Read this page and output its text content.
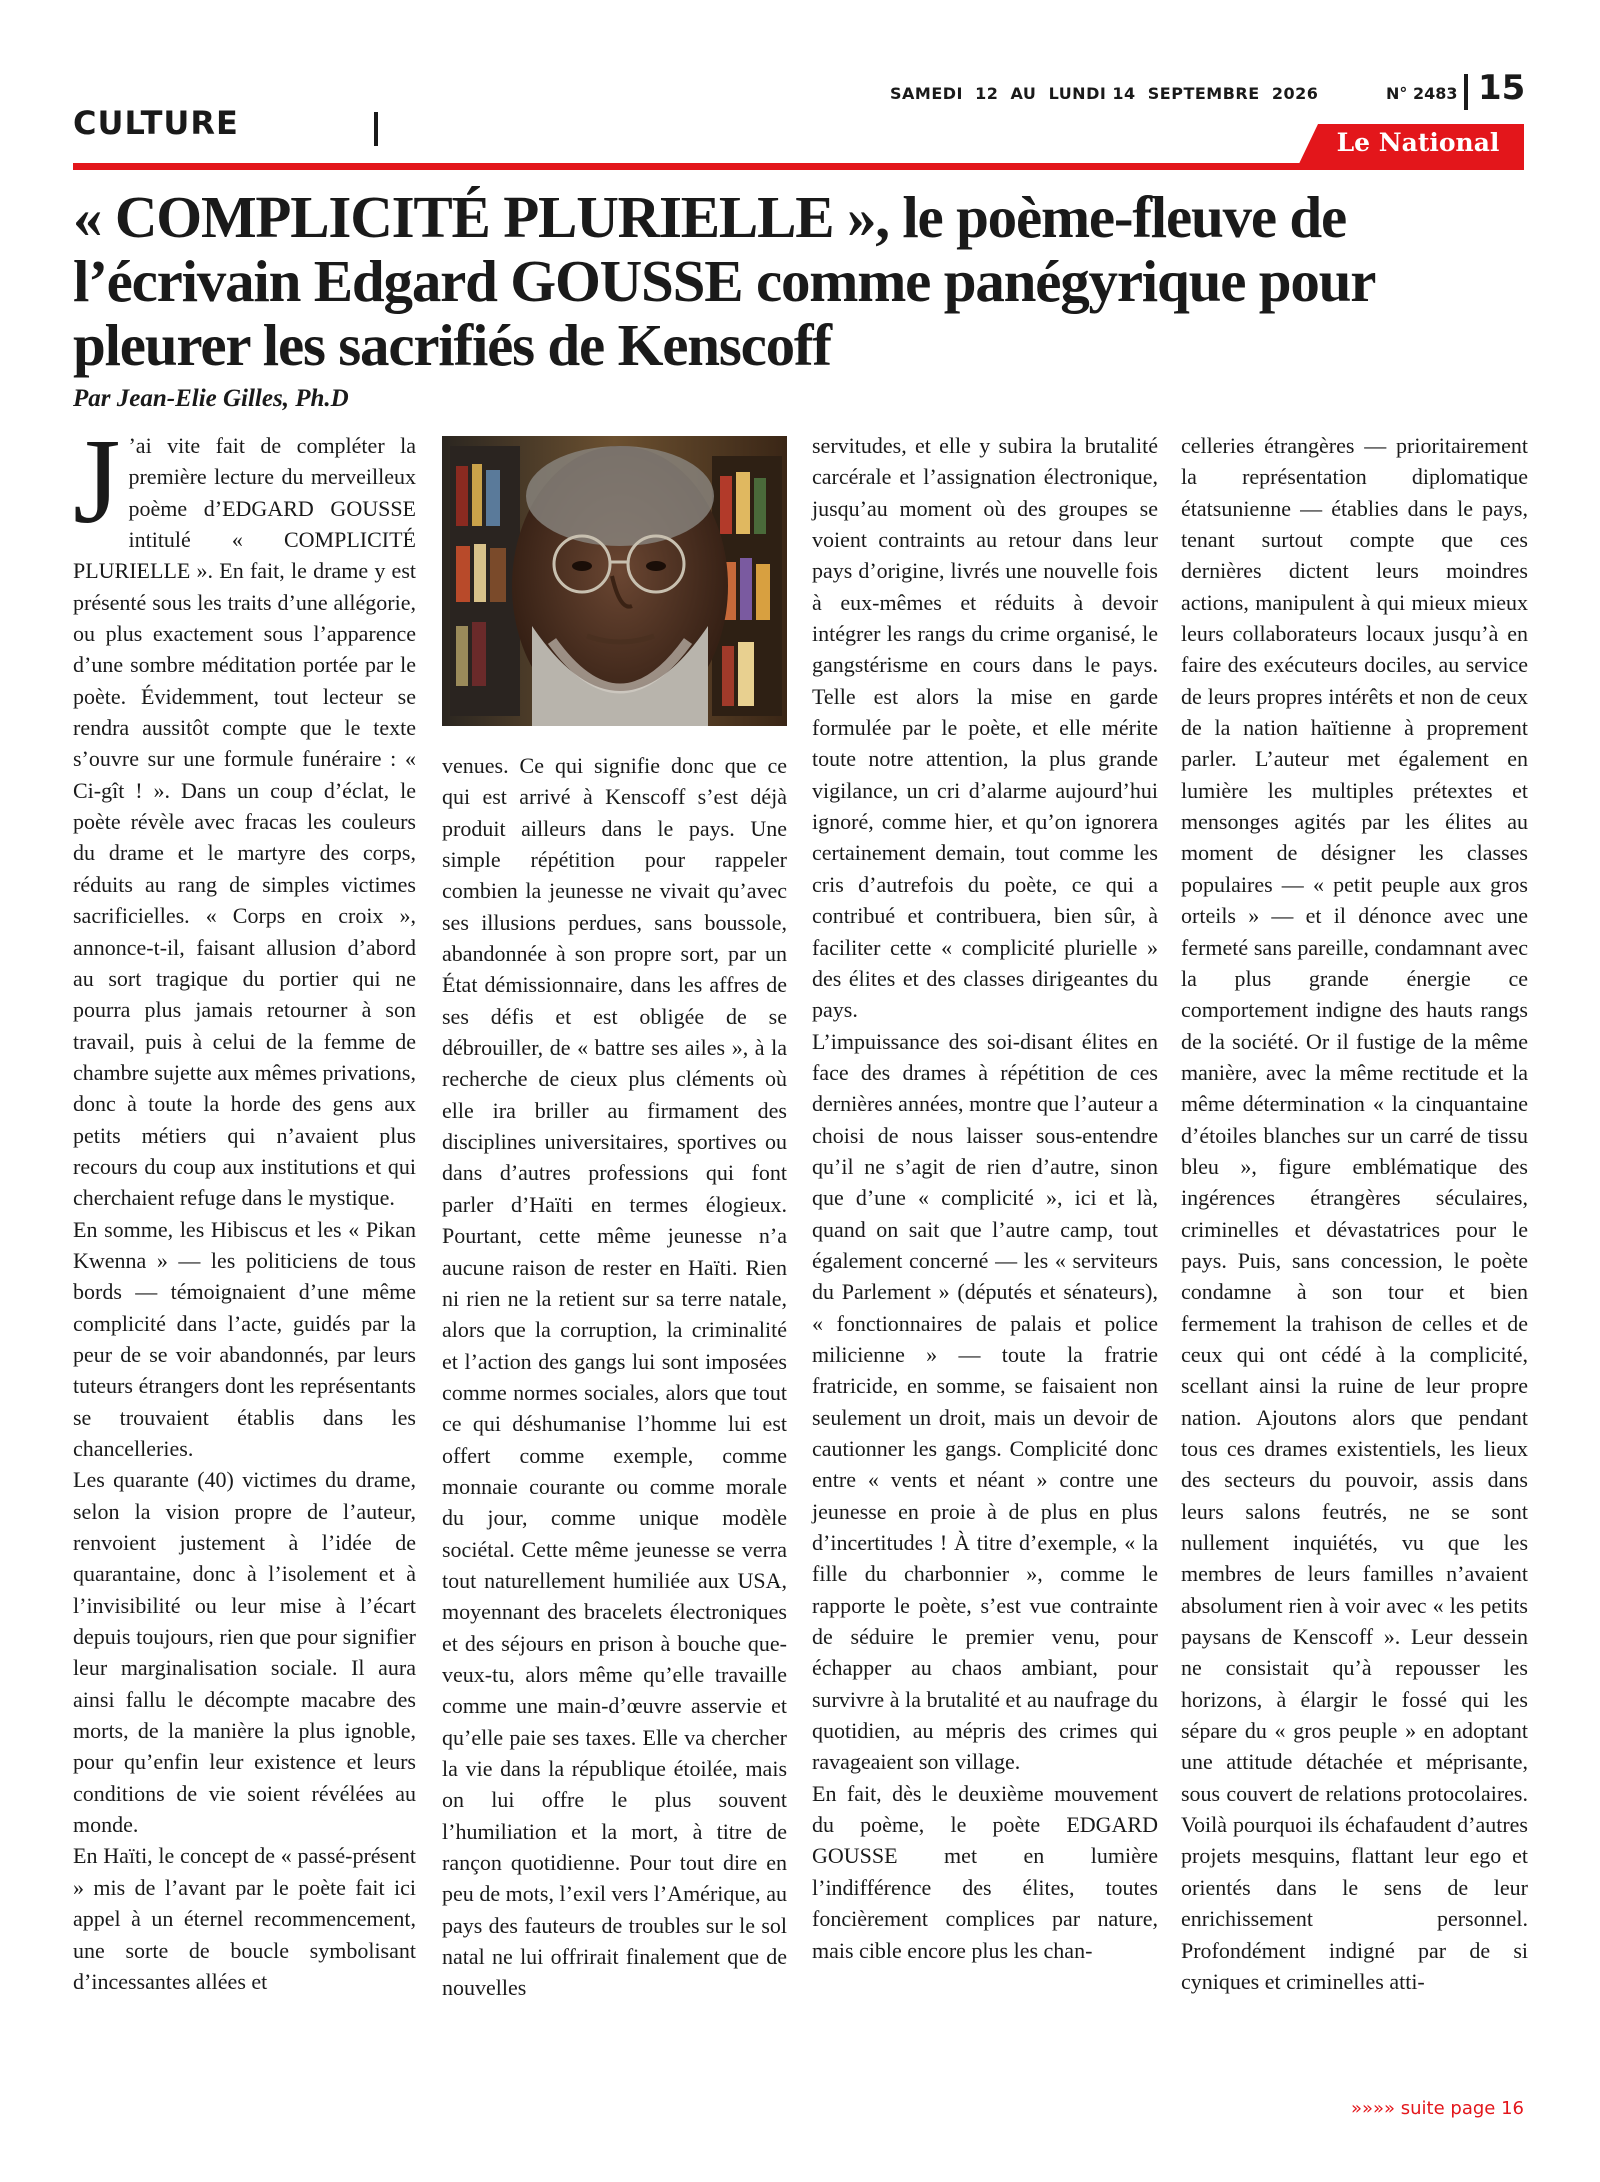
CULTURE
SAMEDI  12  AU  LUNDI 14  SEPTEMBRE  2026	N° 2483 15
Le National
« COMPLICITÉ PLURIELLE », le poème-fleuve de l’écrivain Edgard GOUSSE comme panégyrique pour pleurer les sacrifiés de Kenscoff

Par Jean-Elie Gilles, Ph.D

J ’ai vite fait de compléter la première lecture du merveilleux poème d’EDGARD GOUSSE intitulé « COMPLICITÉ PLURIELLE ». En fait, le drame y est présenté sous les traits d’une allégorie, ou plus exactement sous l’apparence d’une sombre méditation portée par le poète. Évidemment, tout lecteur se rendra aussitôt compte que le texte s’ouvre sur une formule funéraire : « Ci-gît ! ». Dans un coup d’éclat, le poète révèle avec fracas les couleurs du drame et le martyre des corps, réduits au rang de simples victimes sacrificielles. « Corps en croix », annonce-t-il, faisant allusion d’abord au sort tragique du portier qui ne pourra plus jamais retourner à son travail, puis à celui de la femme de chambre sujette aux mêmes privations, donc à toute la horde des gens aux petits métiers qui n’avaient plus recours du coup aux institutions et qui cherchaient refuge dans le mystique.

En somme, les Hibiscus et les « Pikan Kwenna » — les politiciens de tous bords — témoignaient d’une même complicité dans l’acte, guidés par la peur de se voir abandonnés, par leurs tuteurs étrangers dont les représentants se trouvaient établis dans les chancelleries.

Les quarante (40) victimes du drame, selon la vision propre de l’auteur, renvoient justement à l’idée de quarantaine, donc à l’isolement et à l’invisibilité ou leur mise à l’écart depuis toujours, rien que pour signifier leur marginalisation sociale. Il aura ainsi fallu le décompte macabre des morts, de la manière la plus ignoble, pour qu’enfin leur existence et leurs conditions de vie soient révélées au monde.

En Haïti, le concept de « passé-présent » mis de l’avant par le poète fait ici appel à un éternel recommencement, une sorte de boucle symbolisant d’incessantes allées et

venues. Ce qui signifie donc que ce qui est arrivé à Kenscoff s’est déjà produit ailleurs dans le pays. Une simple répétition pour rappeler combien la jeunesse ne vivait qu’avec ses illusions perdues, sans boussole, abandonnée à son propre sort, par un État démissionnaire, dans les affres de ses défis et est obligée de se débrouiller, de « battre ses ailes », à la recherche de cieux plus cléments où elle ira briller au firmament des disciplines universitaires, sportives ou dans d’autres professions qui font parler d’Haïti en termes élogieux. Pourtant, cette même jeunesse n’a aucune raison de rester en Haïti. Rien ni rien ne la retient sur sa terre natale, alors que la corruption, la criminalité et l’action des gangs lui sont imposées comme normes sociales, alors que tout ce qui déshumanise l’homme lui est offert comme exemple, comme monnaie courante ou comme morale du jour, comme unique modèle sociétal. Cette même jeunesse se verra tout naturellement humiliée aux USA, moyennant des bracelets électroniques et des séjours en prison à bouche que-veux-tu, alors même qu’elle travaille comme une main-d’œuvre asservie et qu’elle paie ses taxes. Elle va chercher la vie dans la république étoilée, mais on lui offre le plus souvent l’humiliation et la mort, à titre de rançon quotidienne. Pour tout dire en peu de mots, l’exil vers l’Amérique, au pays des fauteurs de troubles sur le sol natal ne lui offrirait finalement que de nouvelles

servitudes, et elle y subira la brutalité carcérale et l’assignation électronique, jusqu’au moment où des groupes se voient contraints au retour dans leur pays d’origine, livrés une nouvelle fois à eux-mêmes et réduits à devoir intégrer les rangs du crime organisé, le gangstérisme en cours dans le pays. Telle est alors la mise en garde formulée par le poète, et elle mérite toute notre attention, la plus grande vigilance, un cri d’alarme aujourd’hui ignoré, comme hier, et qu’on ignorera certainement demain, tout comme les cris d’autrefois du poète, ce qui a contribué et contribuera, bien sûr, à faciliter cette « complicité plurielle » des élites et des classes dirigeantes du pays.

L’impuissance des soi-disant élites en face des drames à répétition de ces dernières années, montre que l’auteur a choisi de nous laisser sous-entendre qu’il ne s’agit de rien d’autre, sinon que d’une « complicité », ici et là, quand on sait que l’autre camp, tout également concerné — les « serviteurs du Parlement » (députés et sénateurs), « fonctionnaires de palais et police milicienne » — toute la fratrie fratricide, en somme, se faisaient non seulement un droit, mais un devoir de cautionner les gangs. Complicité donc entre « vents et néant » contre une jeunesse en proie à de plus en plus d’incertitudes ! À titre d’exemple, « la fille du charbonnier », comme le rapporte le poète, s’est vue contrainte de séduire le premier venu, pour échapper au chaos ambiant, pour survivre à la brutalité et au naufrage du quotidien, au mépris des crimes qui ravageaient son village.

En fait, dès le deuxième mouvement du poème, le poète EDGARD GOUSSE met en lumière l’indifférence des élites, toutes foncièrement complices par nature, mais cible encore plus les chan-

celleries étrangères — prioritairement la représentation diplomatique étatsunienne — établies dans le pays, tenant surtout compte que ces dernières dictent leurs moindres actions, manipulent à qui mieux mieux leurs collaborateurs locaux jusqu’à en faire des exécuteurs dociles, au service de leurs propres intérêts et non de ceux de la nation haïtienne à proprement parler. L’auteur met également en lumière les multiples prétextes et mensonges agités par les élites au moment de désigner les classes populaires — « petit peuple aux gros orteils » — et il dénonce avec une fermeté sans pareille, condamnant avec la plus grande énergie ce comportement indigne des hauts rangs de la société. Or il fustige de la même manière, avec la même rectitude et la même détermination « la cinquantaine d’étoiles blanches sur un carré de tissu bleu », figure emblématique des ingérences étrangères séculaires, criminelles et dévastatrices pour le pays. Puis, sans concession, le poète condamne à son tour et bien fermement la trahison de celles et de ceux qui ont cédé à la complicité, scellant ainsi la ruine de leur propre nation. Ajoutons alors que pendant tous ces drames existentiels, les lieux des secteurs du pouvoir, assis dans leurs salons feutrés, ne se sont nullement inquiétés, vu que les membres de leurs familles n’avaient absolument rien à voir avec « les petits paysans de Kenscoff ». Leur dessein ne consistait qu’à repousser les horizons, à élargir le fossé qui les sépare du « gros peuple » en adoptant une attitude détachée et méprisante, sous couvert de relations protocolaires. Voilà pourquoi ils échafaudent d’autres projets mesquins, flattant leur ego et orientés dans le sens de leur enrichissement personnel. Profondément indigné par de si cyniques et criminelles atti-

»»»» suite page 16
